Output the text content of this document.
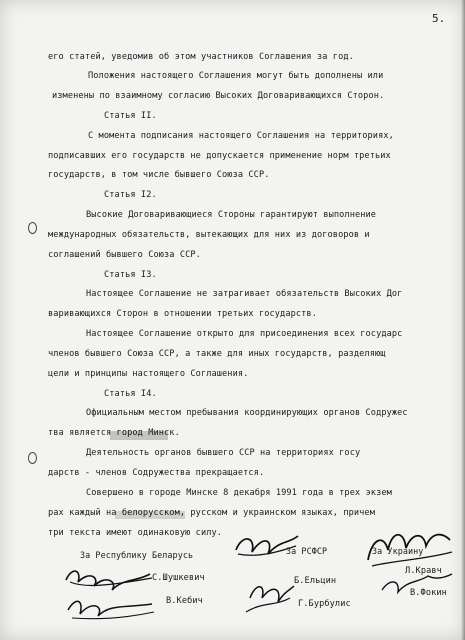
5.
его статей, уведомив об этом участников Соглашения за год.
Положения настоящего Соглашения могут быть дополнены или
изменены по взаимному согласию Высоких Договаривающихся Сторон.
Статья II.
С момента подписания настоящего Соглашения на территориях,
подписавших его государств не допускается применение норм третьих
государств, в том числе бывшего Союза ССР.
Статья I2.
Высокие Договаривающиеся Стороны гарантируют выполнение
международных обязательств, вытекающих для них из договоров и
соглашений бывшего Союза ССР.
Статья I3.
Настоящее Соглашение не затрагивает обязательств Высоких Дог
варивающихся Сторон в отношении третьих государств.
Настоящее Соглашение открыто для присоединения всех государс
членов бывшего Союза ССР, а также для иных государств, разделяющ
цели и принципы настоящего Соглашения.
Статья I4.
Официальным местом пребывания координирующих органов Содружес
тва является город Минск.
Деятельность органов бывшего ССР на территориях госу
дарств - членов Содружества прекращается.
Совершено в городе Минске 8 декабря 1991 года в трех экзем
рах каждый на белорусском, русском и украинском языках, причем
три текста имеют одинаковую силу.
За Республику Беларусь	За РСФСР	За Украину
С.Шушкевич
В.Кебич
Б.Ельцин
Г.Бурбулис
Л.Кравч
В.Фокин
